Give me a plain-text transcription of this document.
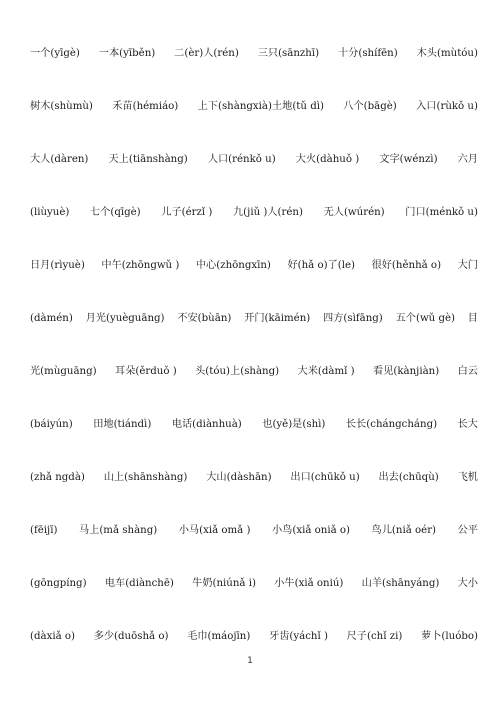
一个(yīgè) 一本(yīběn) 二(èr)人(rén) 三只(sānzhī) 十分(shífēn) 木头(mùtóu)
树木(shùmù) 禾苗(hémiáo) 上下(shàngxià)土地(tǔ dì) 八个(bāgè) 入口(rùkǒ u)
大人(dàren) 天上(tiānshàng) 人口(rénkǒ u) 大火(dàhuǒ ) 文字(wénzì) 六月
(liùyuè) 七个(qīgè) 儿子(érzǐ ) 九(jiǔ )人(rén) 无人(wúrén) 门口(ménkǒ u)
日月(rìyuè) 中午(zhōngwǔ ) 中心(zhōngxīn) 好(hǎ o)了(le) 很好(hěnhǎ o) 大门
(dàmén) 月光(yuèguāng) 不安(bùān) 开门(kāimén) 四方(sìfāng) 五个(wǔ gè) 目
光(mùguāng) 耳朵(ěrduǒ ) 头(tóu)上(shàng) 大米(dàmǐ ) 看见(kànjiàn) 白云
(báiyún) 田地(tiándì) 电话(diànhuà) 也(yě)是(shì) 长长(chángcháng) 长大
(zhǎ ngdà) 山上(shānshàng) 大山(dàshān) 出口(chūkǒ u) 出去(chūqù) 飞机
(fēijī) 马上(mǎ shàng) 小马(xiǎ omǎ ) 小鸟(xiǎ oniǎ o) 鸟儿(niǎ oér) 公平
(gōngpíng) 电车(diànchē) 牛奶(niúnǎ i) 小牛(xiǎ oniú) 山羊(shānyáng) 大小
(dàxiǎ o) 多少(duōshǎ o) 毛巾(máojīn) 牙齿(yáchǐ ) 尺子(chǐ zi) 萝卜(luóbo)
1
